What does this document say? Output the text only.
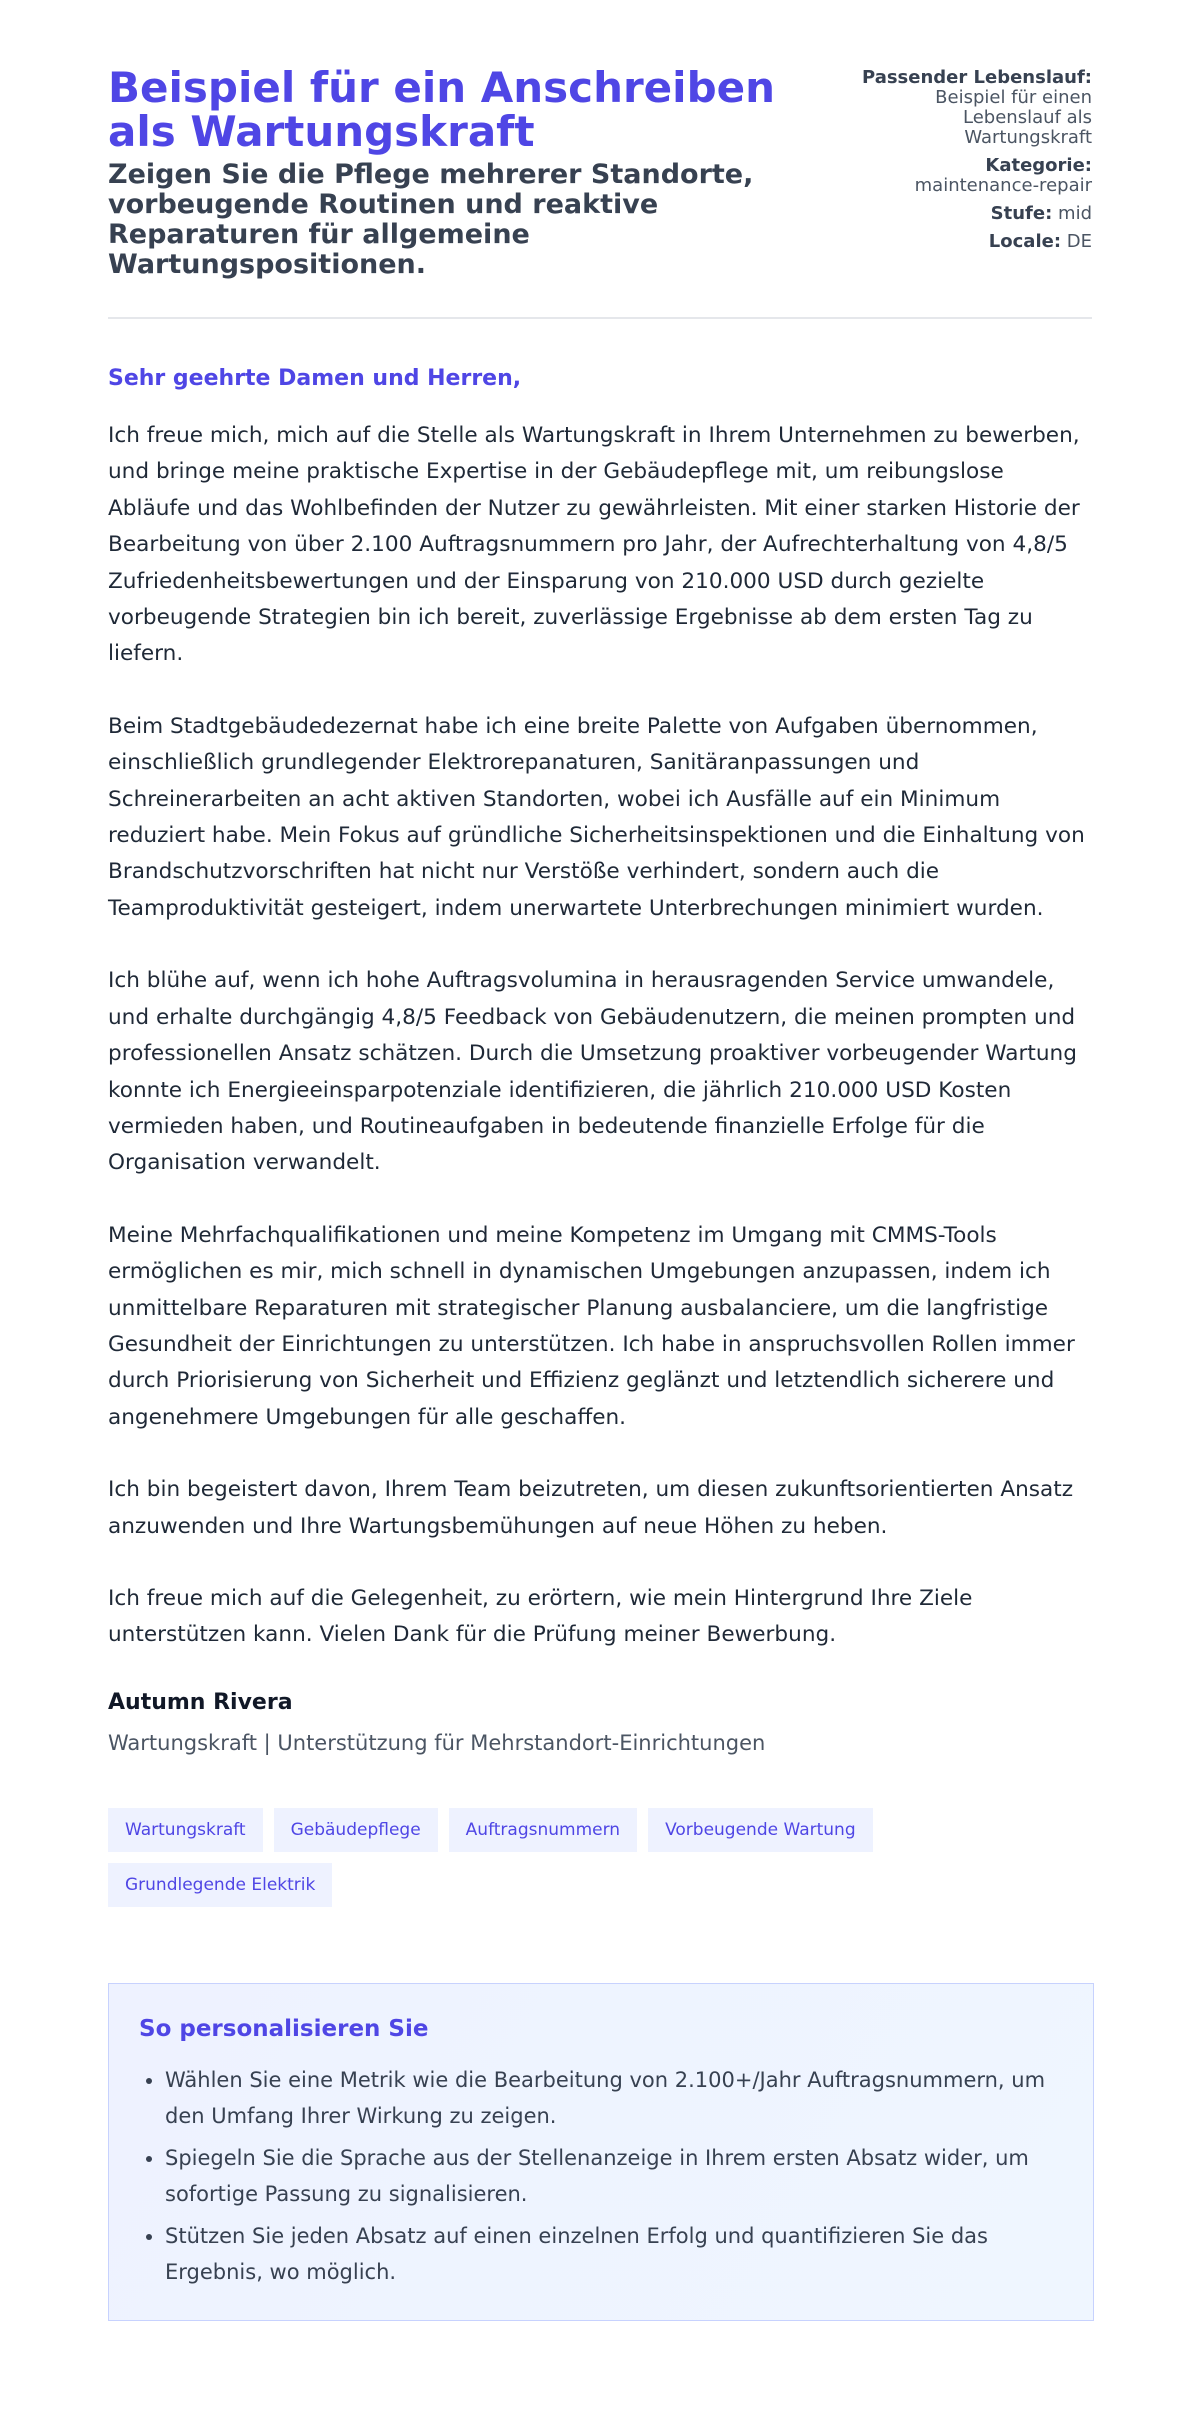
Beispiel für ein Anschreiben als Wartungskraft
Zeigen Sie die Pflege mehrerer Standorte, vorbeugende Routinen und reaktive Reparaturen für allgemeine Wartungspositionen.
Passender Lebenslauf:
Beispiel für einen Lebenslauf als Wartungskraft
Kategorie: maintenance-repair
Stufe: mid
Locale: DE

Sehr geehrte Damen und Herren,

Ich freue mich, mich auf die Stelle als Wartungskraft in Ihrem Unternehmen zu bewerben, und bringe meine praktische Expertise in der Gebäudepflege mit, um reibungslose Abläufe und das Wohlbefinden der Nutzer zu gewährleisten. Mit einer starken Historie der Bearbeitung von über 2.100 Auftragsnummern pro Jahr, der Aufrechterhaltung von 4,8/5 Zufriedenheitsbewertungen und der Einsparung von 210.000 USD durch gezielte vorbeugende Strategien bin ich bereit, zuverlässige Ergebnisse ab dem ersten Tag zu liefern.

Beim Stadtgebäudedezernat habe ich eine breite Palette von Aufgaben übernommen, einschließlich grundlegender Elektrorepanaturen, Sanitäranpassungen und Schreinerarbeiten an acht aktiven Standorten, wobei ich Ausfälle auf ein Minimum reduziert habe. Mein Fokus auf gründliche Sicherheitsinspektionen und die Einhaltung von Brandschutzvorschriften hat nicht nur Verstöße verhindert, sondern auch die Teamproduktivität gesteigert, indem unerwartete Unterbrechungen minimiert wurden.

Ich blühe auf, wenn ich hohe Auftragsvolumina in herausragenden Service umwandele, und erhalte durchgängig 4,8/5 Feedback von Gebäudenutzern, die meinen prompten und professionellen Ansatz schätzen. Durch die Umsetzung proaktiver vorbeugender Wartung konnte ich Energieeinsparpotenziale identifizieren, die jährlich 210.000 USD Kosten vermieden haben, und Routineaufgaben in bedeutende finanzielle Erfolge für die Organisation verwandelt.

Meine Mehrfachqualifikationen und meine Kompetenz im Umgang mit CMMS-Tools ermöglichen es mir, mich schnell in dynamischen Umgebungen anzupassen, indem ich unmittelbare Reparaturen mit strategischer Planung ausbalanciere, um die langfristige Gesundheit der Einrichtungen zu unterstützen. Ich habe in anspruchsvollen Rollen immer durch Priorisierung von Sicherheit und Effizienz geglänzt und letztendlich sicherere und angenehmere Umgebungen für alle geschaffen.

Ich bin begeistert davon, Ihrem Team beizutreten, um diesen zukunftsorientierten Ansatz anzuwenden und Ihre Wartungsbemühungen auf neue Höhen zu heben.

Ich freue mich auf die Gelegenheit, zu erörtern, wie mein Hintergrund Ihre Ziele unterstützen kann. Vielen Dank für die Prüfung meiner Bewerbung.

Autumn Rivera
Wartungskraft | Unterstützung für Mehrstandort-Einrichtungen
Wartungskraft	Gebäudepflege	Auftragsnummern	Vorbeugende Wartung
Grundlegende Elektrik
So personalisieren Sie
• Wählen Sie eine Metrik wie die Bearbeitung von 2.100+/Jahr Auftragsnummern, um den Umfang Ihrer Wirkung zu zeigen.
• Spiegeln Sie die Sprache aus der Stellenanzeige in Ihrem ersten Absatz wider, um sofortige Passung zu signalisieren.
• Stützen Sie jeden Absatz auf einen einzelnen Erfolg und quantifizieren Sie das Ergebnis, wo möglich.
